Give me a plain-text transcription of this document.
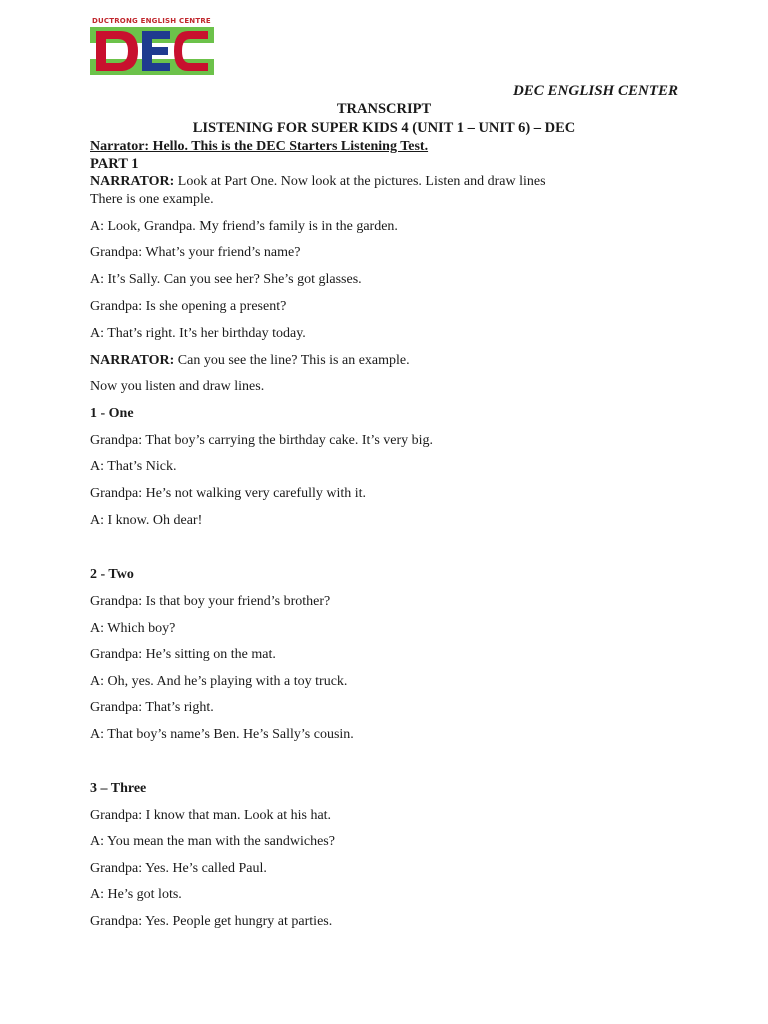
DUCTRONG ENGLISH CENTRE
DEC ENGLISH CENTER
TRANSCRIPT
LISTENING FOR SUPER KIDS 4 (UNIT 1 – UNIT 6) – DEC
Narrator: Hello. This is the DEC Starters Listening Test.
PART 1
NARRATOR: Look at Part One. Now look at the pictures. Listen and draw lines
There is one example.
A: Look, Grandpa. My friend’s family is in the garden.
Grandpa: What’s your friend’s name?
A: It’s Sally. Can you see her? She’s got glasses.
Grandpa: Is she opening a present?
A: That’s right. It’s her birthday today.
NARRATOR: Can you see the line? This is an example.
Now you listen and draw lines.
1 - One
Grandpa: That boy’s carrying the birthday cake. It’s very big.
A: That’s Nick.
Grandpa: He’s not walking very carefully with it.
A: I know. Oh dear!
2 - Two
Grandpa: Is that boy your friend’s brother?
A: Which boy?
Grandpa: He’s sitting on the mat.
A: Oh, yes. And he’s playing with a toy truck.
Grandpa: That’s right.
A: That boy’s name’s Ben. He’s Sally’s cousin.
3 – Three
Grandpa: I know that man. Look at his hat.
A: You mean the man with the sandwiches?
Grandpa: Yes. He’s called Paul.
A: He’s got lots.
Grandpa: Yes. People get hungry at parties.
